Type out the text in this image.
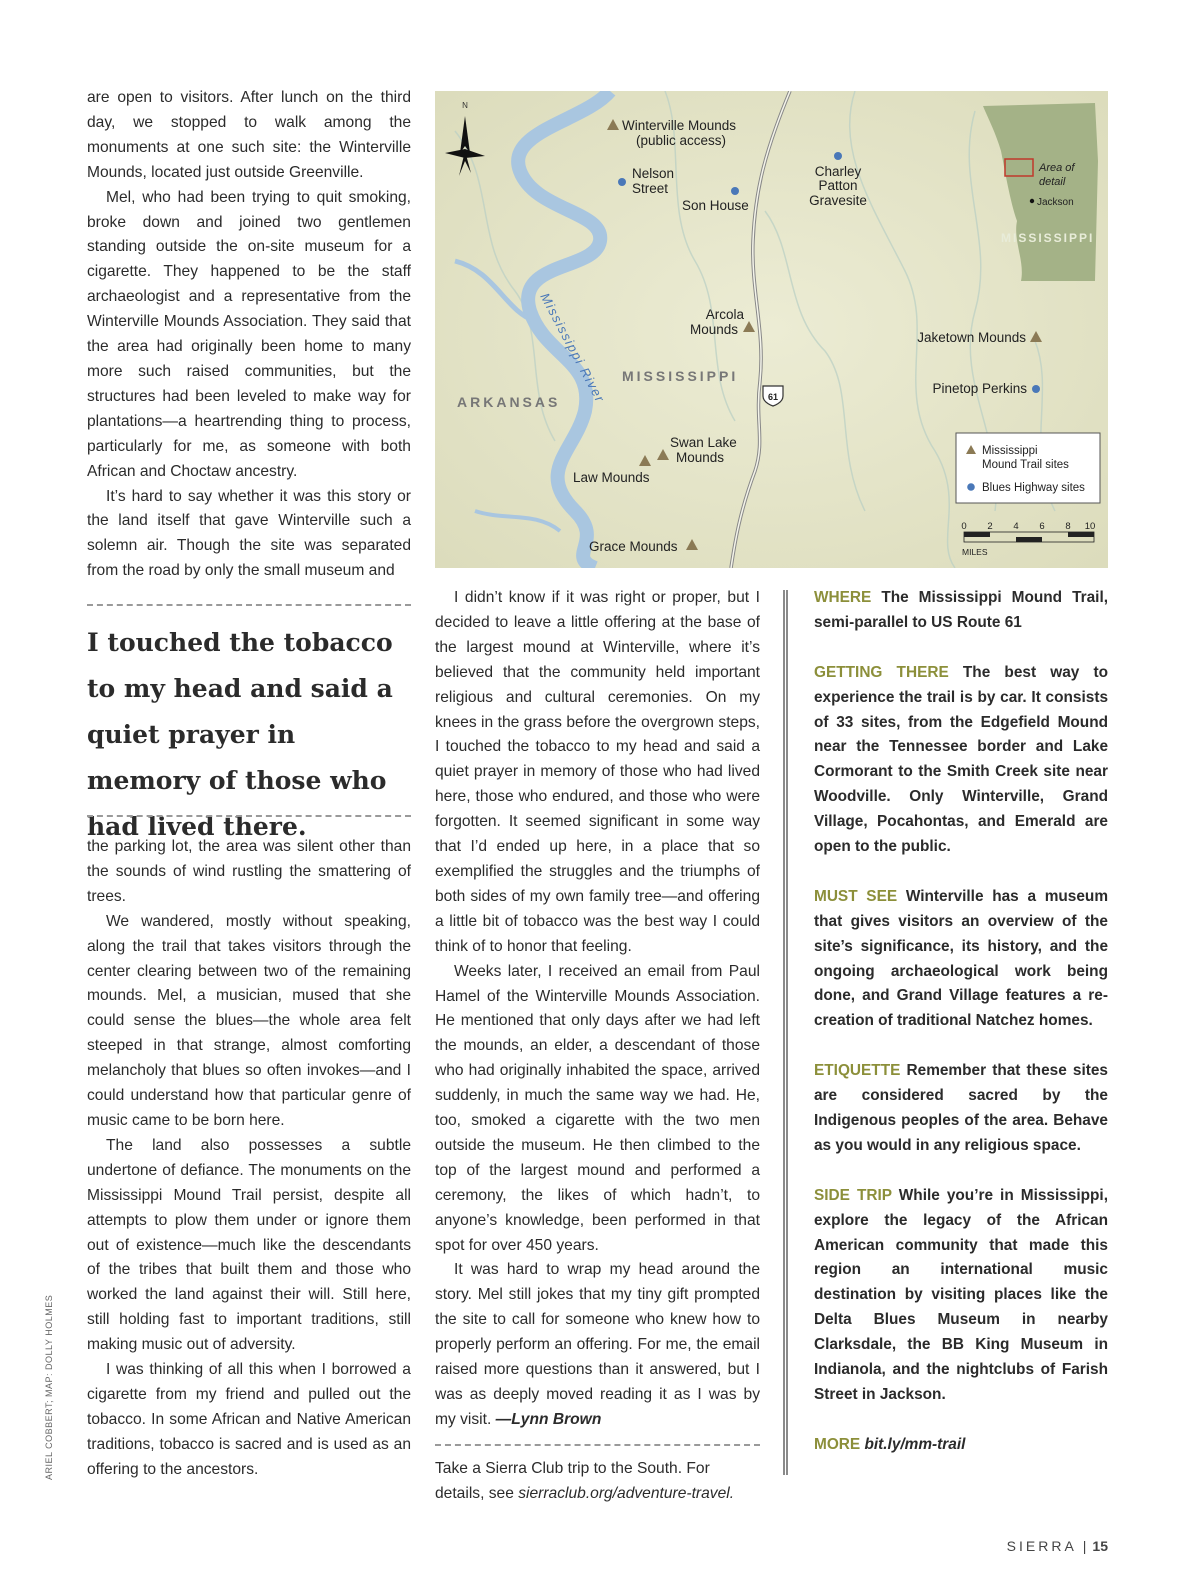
61
N
Winterville Mounds
(public access)
Nelson
Street
Son House
Charley
Patton
Gravesite
Arcola
Mounds
Jaketown Mounds
Pinetop Perkins
Swan Lake
Mounds
Law Mounds
Grace Mounds
MISSISSIPPI
ARKANSAS
Mississippi River
Area of
detail
Jackson
MISSISSIPPI
Mississippi
Mound Trail sites
Blues Highway sites
0 2 4 6 8 10
MILES

are open to visitors. After lunch on the third day, we stopped to walk among the monuments at one such site: the Winterville Mounds, located just outside Greenville.

Mel, who had been trying to quit smoking, broke down and joined two gentlemen standing outside the on-site museum for a cigarette. They happened to be the staff archaeologist and a representative from the Winterville Mounds Association. They said that the area had originally been home to many more such raised communities, but the structures had been leveled to make way for plantations—a heartrending thing to process, particularly for me, as someone with both African and Choctaw ancestry.

It’s hard to say whether it was this story or the land itself that gave Winterville such a solemn air. Though the site was separated from the road by only the small museum and

I touched the tobacco to my head and said a quiet prayer in memory of those who had lived there.

the parking lot, the area was silent other than the sounds of wind rustling the smattering of trees.

We wandered, mostly without speaking, along the trail that takes visitors through the center clearing between two of the remaining mounds. Mel, a musician, mused that she could sense the blues—the whole area felt steeped in that strange, almost comforting melancholy that blues so often invokes—and I could understand how that particular genre of music came to be born here.

The land also possesses a subtle undertone of defiance. The monuments on the Mississippi Mound Trail persist, despite all attempts to plow them under or ignore them out of existence—much like the descendants of the tribes that built them and those who worked the land against their will. Still here, still holding fast to important traditions, still making music out of adversity.

I was thinking of all this when I borrowed a cigarette from my friend and pulled out the tobacco. In some African and Native American traditions, tobacco is sacred and is used as an offering to the ancestors.

I didn’t know if it was right or proper, but I decided to leave a little offering at the base of the largest mound at Winterville, where it’s believed that the community held important religious and cultural ceremonies. On my knees in the grass before the overgrown steps, I touched the tobacco to my head and said a quiet prayer in memory of those who had lived here, those who endured, and those who were forgotten. It seemed significant in some way that I’d ended up here, in a place that so exemplified the struggles and the triumphs of both sides of my own family tree—and offering a little bit of tobacco was the best way I could think of to honor that feeling.

Weeks later, I received an email from Paul Hamel of the Winterville Mounds Association. He mentioned that only days after we had left the mounds, an elder, a descendant of those who had originally inhabited the space, arrived suddenly, in much the same way we had. He, too, smoked a cigarette with the two men outside the museum. He then climbed to the top of the largest mound and performed a ceremony, the likes of which hadn’t, to anyone’s knowledge, been performed in that spot for over 450 years.

It was hard to wrap my head around the story. Mel still jokes that my tiny gift prompted the site to call for someone who knew how to properly perform an offering. For me, the email raised more questions than it answered, but I was as deeply moved reading it as I was by my visit. —Lynn Brown

Take a Sierra Club trip to the South. For details, see sierraclub.org/adventure-travel.

WHERE The Mississippi Mound Trail, semi-parallel to US Route 61

GETTING THERE The best way to experience the trail is by car. It consists of 33 sites, from the Edgefield Mound near the Tennessee border and Lake Cormorant to the Smith Creek site near Woodville. Only Winterville, Grand Village, Pocahontas, and Emerald are open to the public.

MUST SEE Winterville has a museum that gives visitors an overview of the site’s significance, its history, and the ongoing archaeological work being done, and Grand Village features a re-creation of traditional Natchez homes.

ETIQUETTE Remember that these sites are considered sacred by the Indigenous peoples of the area. Behave as you would in any religious space.

SIDE TRIP While you’re in Mississippi, explore the legacy of the African American community that made this region an international music destination by visiting places like the Delta Blues Museum in nearby Clarksdale, the BB King Museum in Indianola, and the nightclubs of Farish Street in Jackson.

MORE bit.ly/mm-trail

ARIEL COBBERT; MAP: DOLLY HOLMES
SIERRA | 15
